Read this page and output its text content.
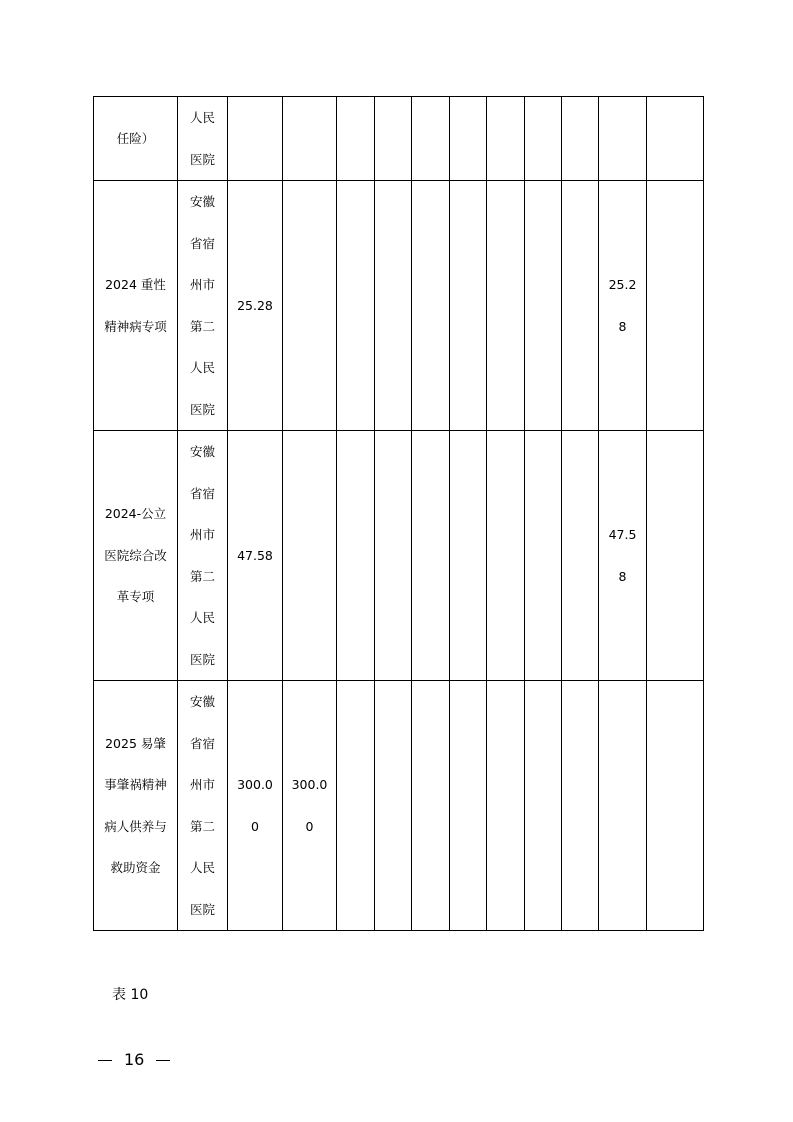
任险）	人民医院											
2024 重性精神病专项	安徽省宿州市第二人民医院	25.28									25.28	
2024-公立医院综合改革专项	安徽省宿州市第二人民医院	47.58									47.58	
2025 易肇事肇祸精神病人供养与救助资金	安徽省宿州市第二人民医院	300.00	300.00									
表 10
16
